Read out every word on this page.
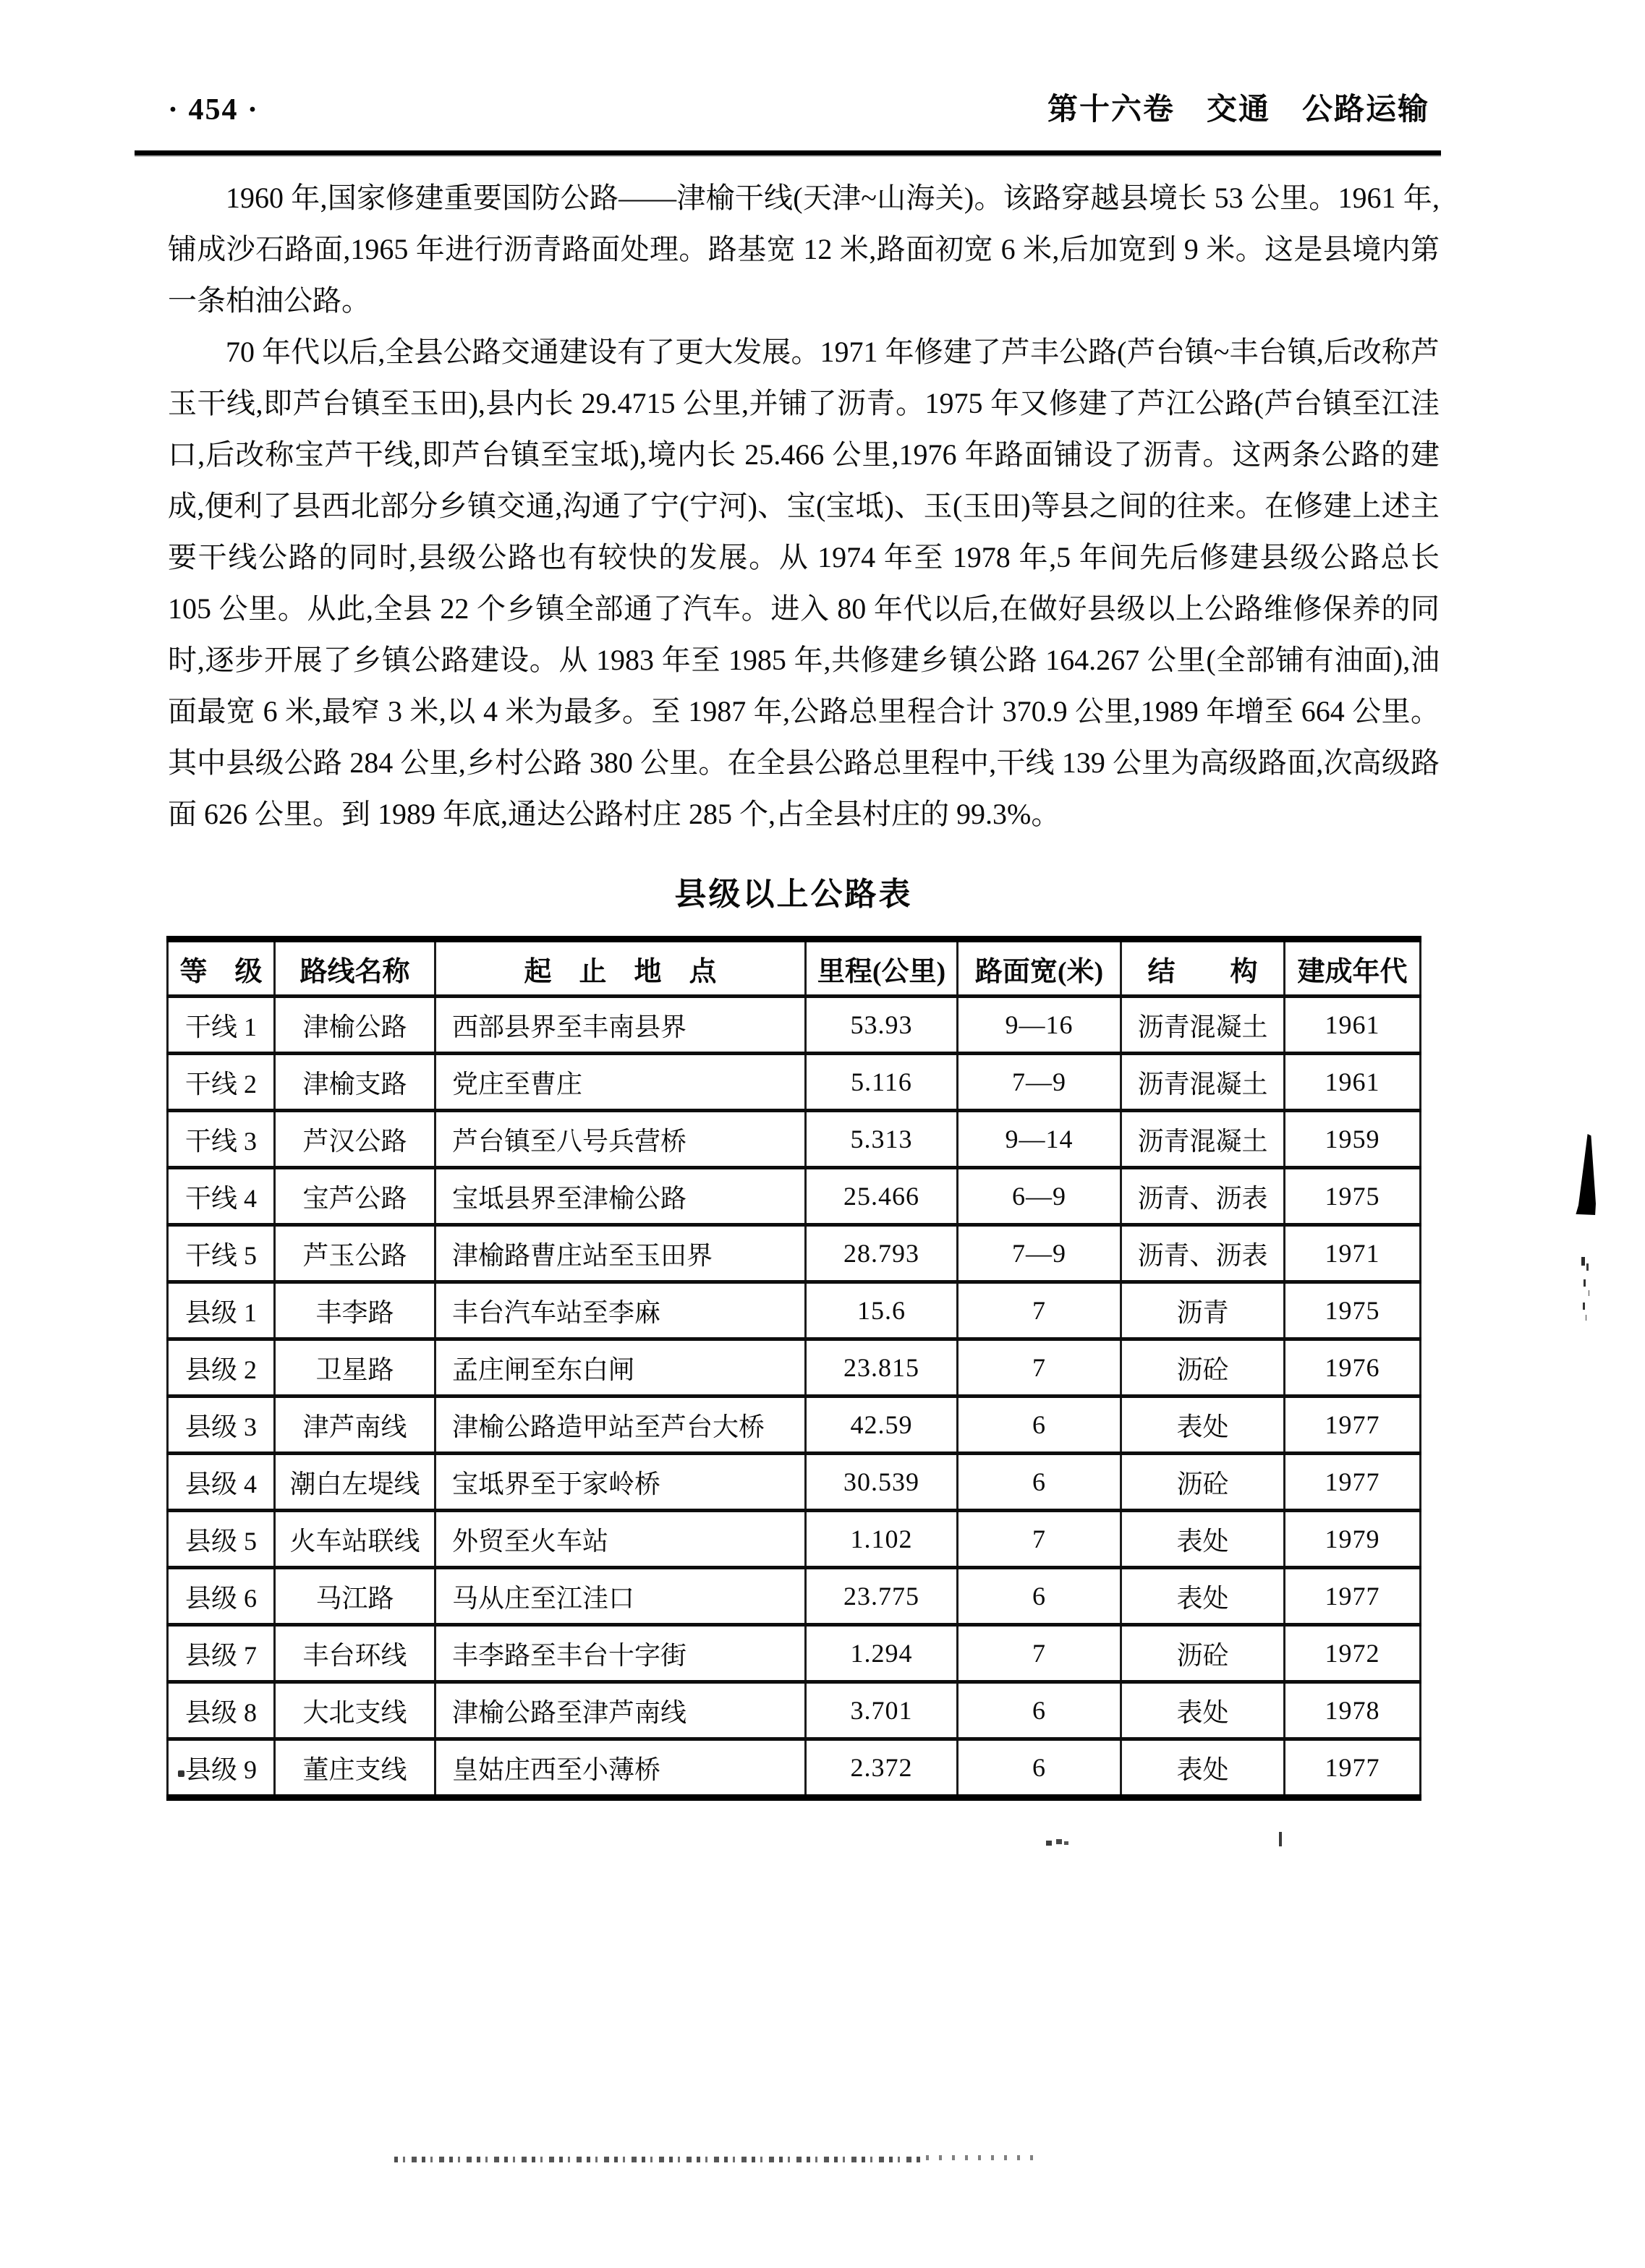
· 454 ·	第十六卷　交通　公路运输

1960 年,国家修建重要国防公路——津榆干线(天津~山海关)。该路穿越县境长 53 公里。1961 年,铺成沙石路面,1965 年进行沥青路面处理。路基宽 12 米,路面初宽 6 米,后加宽到 9 米。这是县境内第一条柏油公路。

70 年代以后,全县公路交通建设有了更大发展。1971 年修建了芦丰公路(芦台镇~丰台镇,后改称芦玉干线,即芦台镇至玉田),县内长 29.4715 公里,并铺了沥青。1975 年又修建了芦江公路(芦台镇至江洼口,后改称宝芦干线,即芦台镇至宝坻),境内长 25.466 公里,1976 年路面铺设了沥青。这两条公路的建成,便利了县西北部分乡镇交通,沟通了宁(宁河)、宝(宝坻)、玉(玉田)等县之间的往来。在修建上述主要干线公路的同时,县级公路也有较快的发展。从 1974 年至 1978 年,5 年间先后修建县级公路总长 105 公里。从此,全县 22 个乡镇全部通了汽车。进入 80 年代以后,在做好县级以上公路维修保养的同时,逐步开展了乡镇公路建设。从 1983 年至 1985 年,共修建乡镇公路 164.267 公里(全部铺有油面),油面最宽 6 米,最窄 3 米,以 4 米为最多。至 1987 年,公路总里程合计 370.9 公里,1989 年增至 664 公里。其中县级公路 284 公里,乡村公路 380 公里。在全县公路总里程中,干线 139 公里为高级路面,次高级路面 626 公里。到 1989 年底,通达公路村庄 285 个,占全县村庄的 99.3%。

县级以上公路表
等　级	路线名称	起　止　地　点	里程(公里)	路面宽(米)	结　　构	建成年代
干线 1	津榆公路	西部县界至丰南县界	53.93	9—16	沥青混凝土	1961
干线 2	津榆支路	党庄至曹庄	5.116	7—9	沥青混凝土	1961
干线 3	芦汉公路	芦台镇至八号兵营桥	5.313	9—14	沥青混凝土	1959
干线 4	宝芦公路	宝坻县界至津榆公路	25.466	6—9	沥青、沥表	1975
干线 5	芦玉公路	津榆路曹庄站至玉田界	28.793	7—9	沥青、沥表	1971
县级 1	丰李路	丰台汽车站至李麻	15.6	7	沥青	1975
县级 2	卫星路	孟庄闸至东白闸	23.815	7	沥砼	1976
县级 3	津芦南线	津榆公路造甲站至芦台大桥	42.59	6	表处	1977
县级 4	潮白左堤线	宝坻界至于家岭桥	30.539	6	沥砼	1977
县级 5	火车站联线	外贸至火车站	1.102	7	表处	1979
县级 6	马江路	马从庄至江洼口	23.775	6	表处	1977
县级 7	丰台环线	丰李路至丰台十字街	1.294	7	沥砼	1972
县级 8	大北支线	津榆公路至津芦南线	3.701	6	表处	1978
县级 9	董庄支线	皇姑庄西至小薄桥	2.372	6	表处	1977
